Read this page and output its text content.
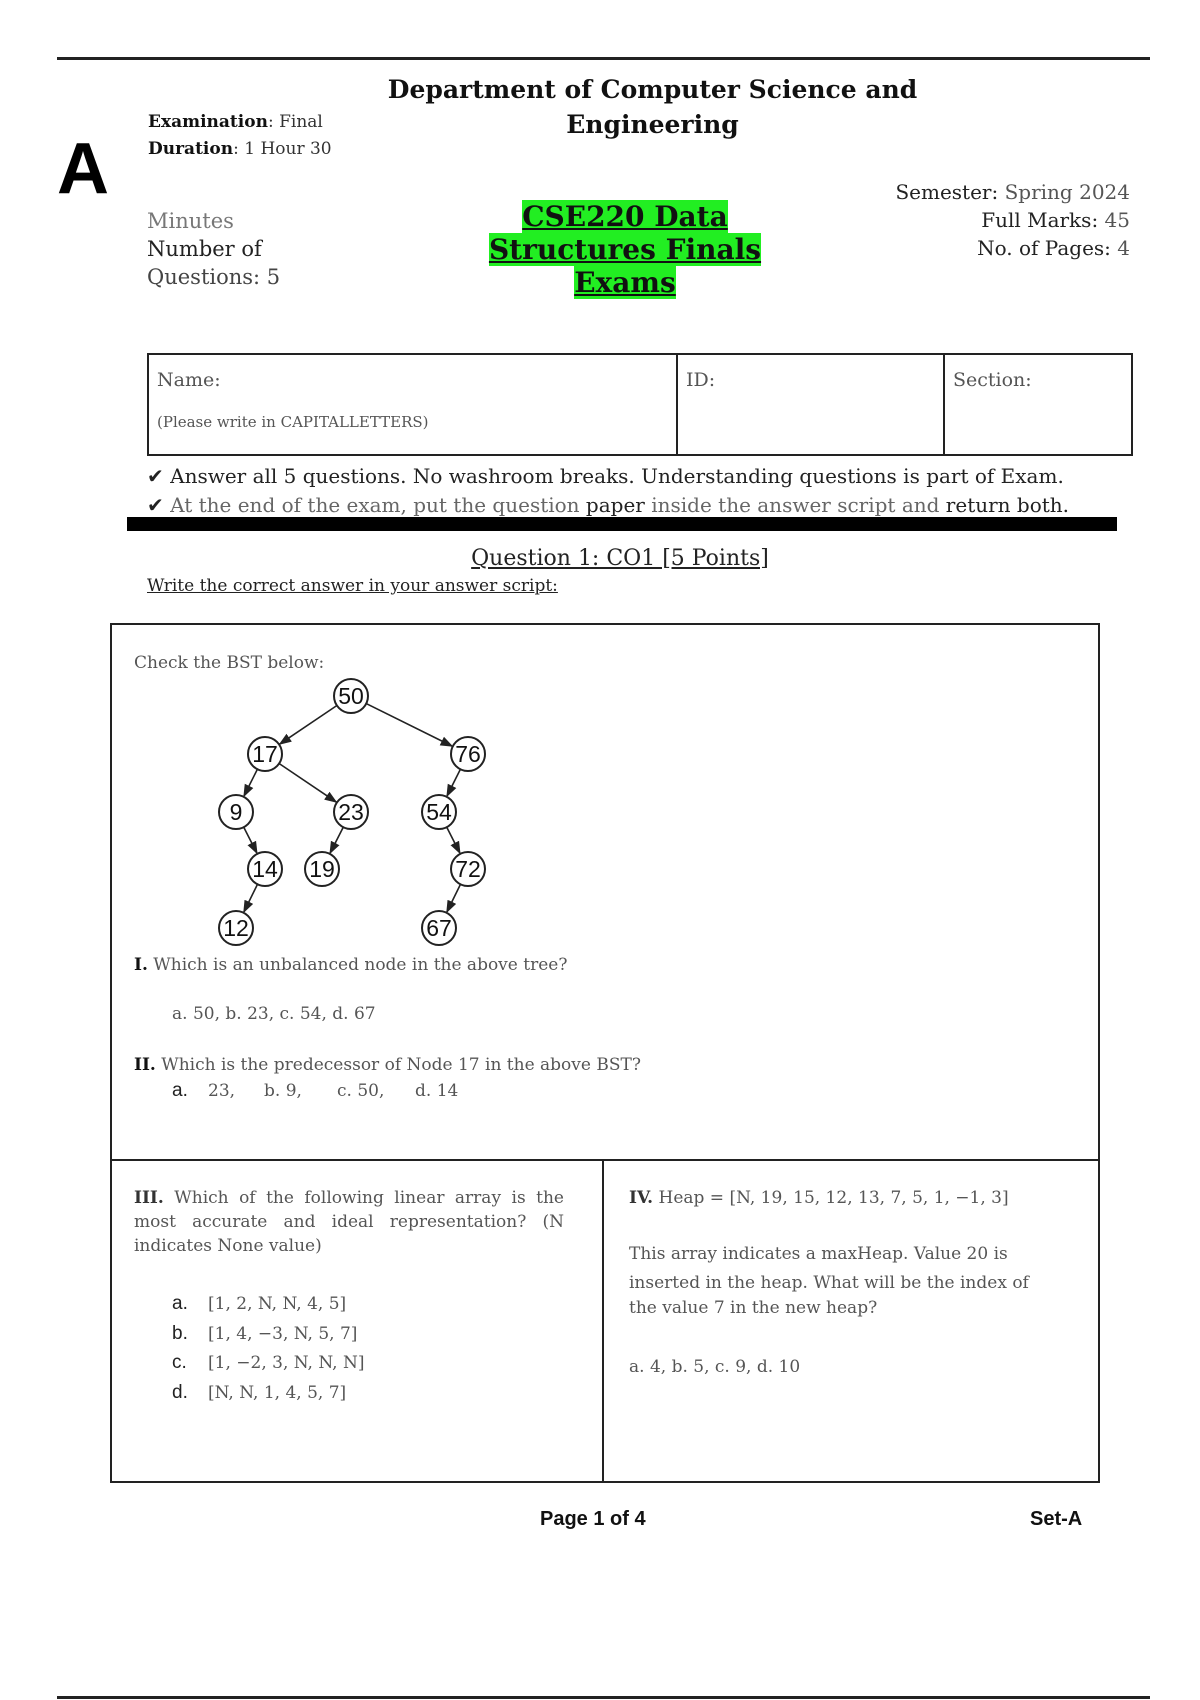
A
Department of Computer Science and Engineering
Examination: Final
Duration: 1 Hour 30
Minutes
Number of
Questions: 5
CSE220 Data Structures Finals Exams
Semester: Spring 2024
Full Marks: 45
No. of Pages: 4
Name:
(Please write in CAPITALLETTERS)

ID:	Section:
✔ Answer all 5 questions. No washroom breaks. Understanding questions is part of Exam.
✔ At the end of the exam, put the question paper inside the answer script and return both.
Question 1: CO1 [5 Points]
Write the correct answer in your answer script:
Check the BST below:
50
17	76
9	23	54
14 19	72
12	67
I. Which is an unbalanced node in the above tree?
a. 50, b. 23, c. 54, d. 67
II. Which is the predecessor of Node 17 in the above BST?
a. 23, b. 9, c. 50, d. 14
III. Which of the following linear array is the most accurate and ideal representation? (N indicates None value)
a. [1, 2, N, N, 4, 5]
b. [1, 4, −3, N, 5, 7]
c. [1, −2, 3, N, N, N]
d. [N, N, 1, 4, 5, 7]
IV. Heap = [N, 19, 15, 12, 13, 7, 5, 1, −1, 3]
This array indicates a maxHeap. Value 20 is
inserted in the heap. What will be the index of
the value 7 in the new heap?
a. 4, b. 5, c. 9, d. 10
Page 1 of 4	Set-A
